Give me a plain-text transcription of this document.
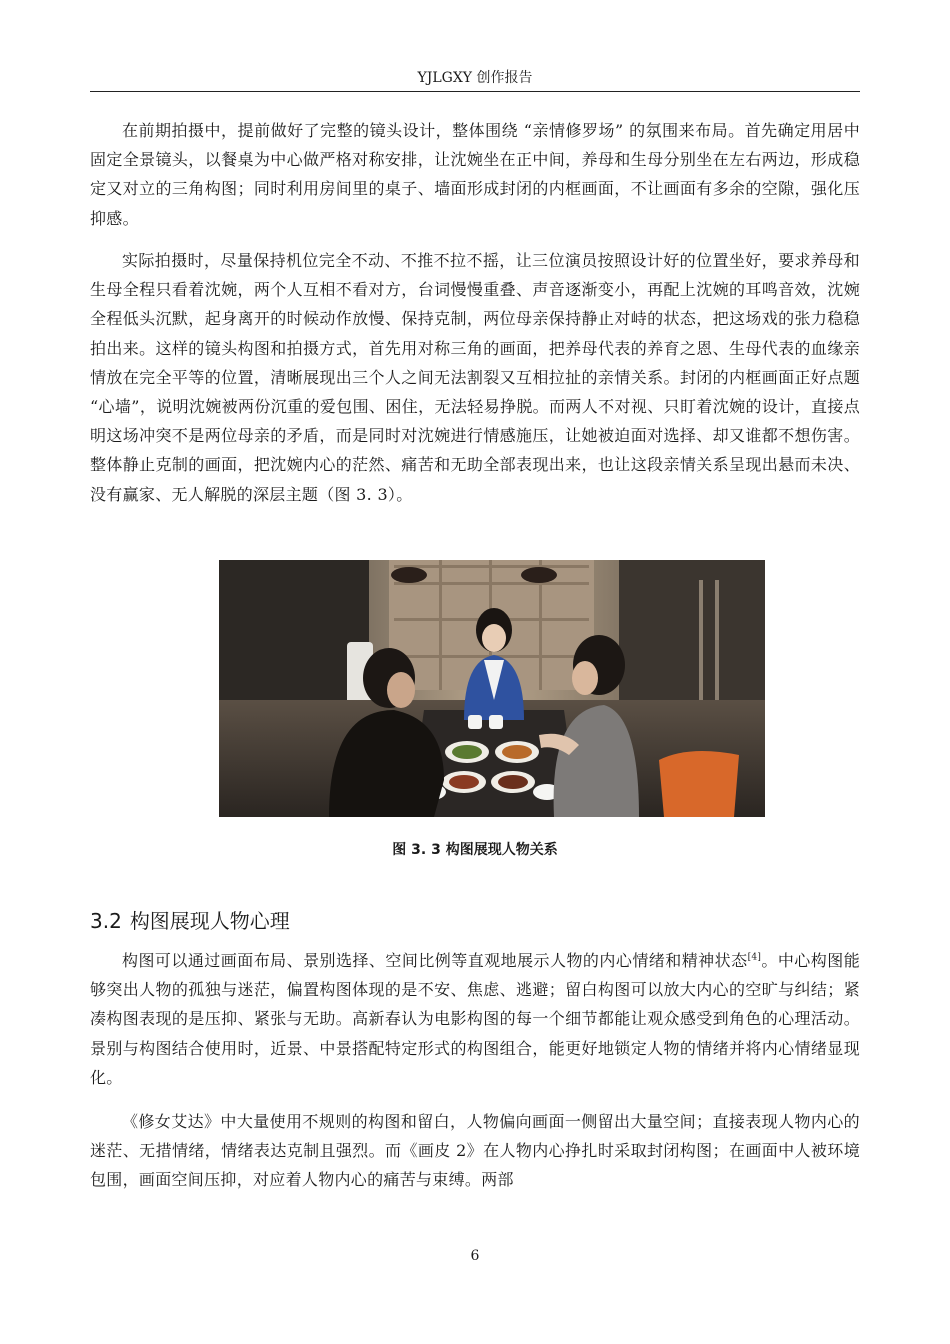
YJLGXY 创作报告

在前期拍摄中，提前做好了完整的镜头设计，整体围绕 “亲情修罗场” 的氛围来布局。首先确定用居中固定全景镜头，以餐桌为中心做严格对称安排，让沈婉坐在正中间，养母和生母分别坐在左右两边，形成稳定又对立的三角构图；同时利用房间里的桌子、墙面形成封闭的内框画面，不让画面有多余的空隙，强化压抑感。

实际拍摄时，尽量保持机位完全不动、不推不拉不摇，让三位演员按照设计好的位置坐好，要求养母和生母全程只看着沈婉，两个人互相不看对方，台词慢慢重叠、声音逐渐变小，再配上沈婉的耳鸣音效，沈婉全程低头沉默，起身离开的时候动作放慢、保持克制，两位母亲保持静止对峙的状态，把这场戏的张力稳稳拍出来。这样的镜头构图和拍摄方式，首先用对称三角的画面，把养母代表的养育之恩、生母代表的血缘亲情放在完全平等的位置，清晰展现出三个人之间无法割裂又互相拉扯的亲情关系。封闭的内框画面正好点题 “心墙”，说明沈婉被两份沉重的爱包围、困住，无法轻易挣脱。而两人不对视、只盯着沈婉的设计，直接点明这场冲突不是两位母亲的矛盾，而是同时对沈婉进行情感施压，让她被迫面对选择、却又谁都不想伤害。整体静止克制的画面，把沈婉内心的茫然、痛苦和无助全部表现出来，也让这段亲情关系呈现出悬而未决、没有赢家、无人解脱的深层主题（图 3. 3）。

图 3. 3 构图展现人物关系
3.2 构图展现人物心理

构图可以通过画面布局、景别选择、空间比例等直观地展示人物的内心情绪和精神状态[4]。中心构图能够突出人物的孤独与迷茫，偏置构图体现的是不安、焦虑、逃避；留白构图可以放大内心的空旷与纠结；紧凑构图表现的是压抑、紧张与无助。高新春认为电影构图的每一个细节都能让观众感受到角色的心理活动。景别与构图结合使用时，近景、中景搭配特定形式的构图组合，能更好地锁定人物的情绪并将内心情绪显现化。

《修女艾达》中大量使用不规则的构图和留白，人物偏向画面一侧留出大量空间；直接表现人物内心的迷茫、无措情绪，情绪表达克制且强烈。而《画皮 2》在人物内心挣扎时采取封闭构图；在画面中人被环境包围，画面空间压抑，对应着人物内心的痛苦与束缚。两部

6
